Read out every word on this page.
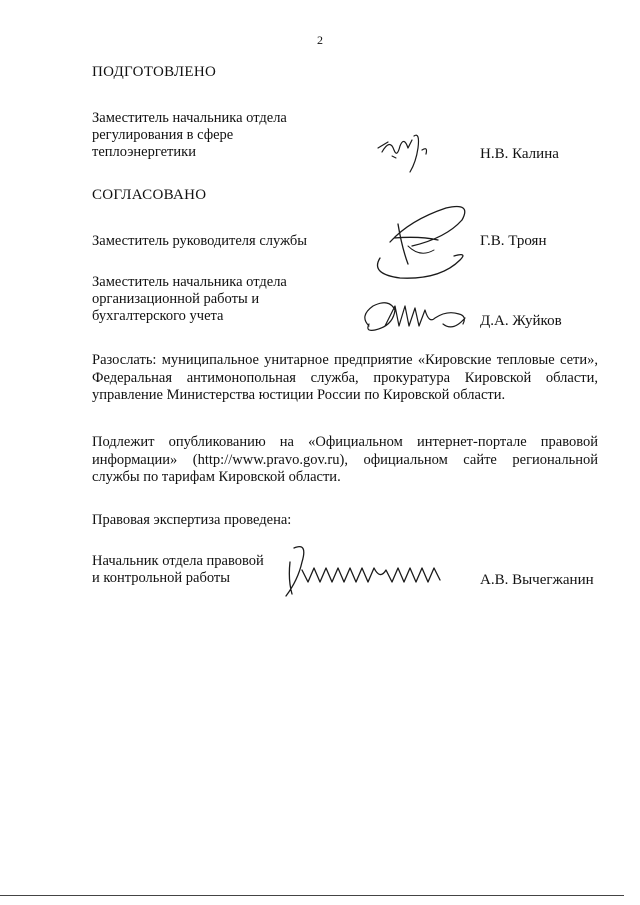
2
ПОДГОТОВЛЕНО
Заместитель начальника отдела
регулирования в сфере
теплоэнергетики	Н.В. Калина
СОГЛАСОВАНО
Заместитель руководителя службы	Г.В. Троян
Заместитель начальника отдела
организационной работы и
бухгалтерского учета	Д.А. Жуйков
Разослать: муниципальное унитарное предприятие «Кировские тепловые сети», Федеральная антимонопольная служба, прокуратура Кировской области, управление Министерства юстиции России по Кировской области.
Подлежит опубликованию на «Официальном интернет-портале правовой информации» (http://www.pravo.gov.ru), официальном сайте региональной службы по тарифам Кировской области.
Правовая экспертиза проведена:
Начальник отдела правовой
и контрольной работы	А.В. Вычегжанин
